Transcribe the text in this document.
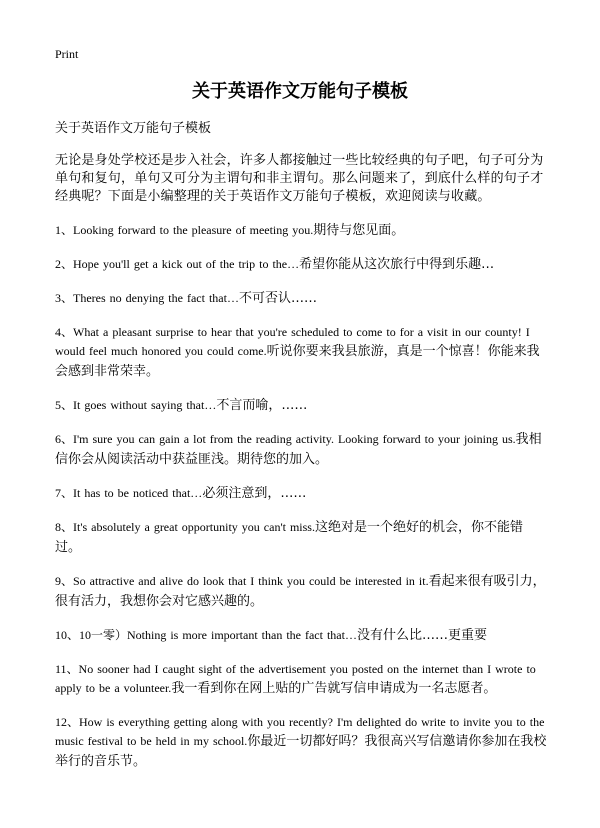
Print
关于英语作文万能句子模板
关于英语作文万能句子模板
无论是身处学校还是步入社会，许多人都接触过一些比较经典的句子吧，句子可分为单句和复句，单句又可分为主谓句和非主谓句。那么问题来了，到底什么样的句子才经典呢？下面是小编整理的关于英语作文万能句子模板，欢迎阅读与收藏。
1、Looking forward to the pleasure of meeting you.期待与您见面。
2、Hope you'll get a kick out of the trip to the…希望你能从这次旅行中得到乐趣…
3、Theres no denying the fact that…不可否认……
4、What a pleasant surprise to hear that you're scheduled to come to for a visit in our county! I would feel much honored you could come.听说你要来我县旅游，真是一个惊喜！你能来我会感到非常荣幸。
5、It goes without saying that…不言而喻，……
6、I'm sure you can gain a lot from the reading activity. Looking forward to your joining us.我相信你会从阅读活动中获益匪浅。期待您的加入。
7、It has to be noticed that…必须注意到，……
8、It's absolutely a great opportunity you can't miss.这绝对是一个绝好的机会，你不能错过。
9、So attractive and alive do look that I think you could be interested in it.看起来很有吸引力，很有活力，我想你会对它感兴趣的。
10、10一零）Nothing is more important than the fact that…没有什么比……更重要
11、No sooner had I caught sight of the advertisement you posted on the internet than I wrote to apply to be a volunteer.我一看到你在网上贴的广告就写信申请成为一名志愿者。
12、How is everything getting along with you recently? I'm delighted do write to invite you to the music festival to be held in my school.你最近一切都好吗？我很高兴写信邀请你参加在我校举行的音乐节。
